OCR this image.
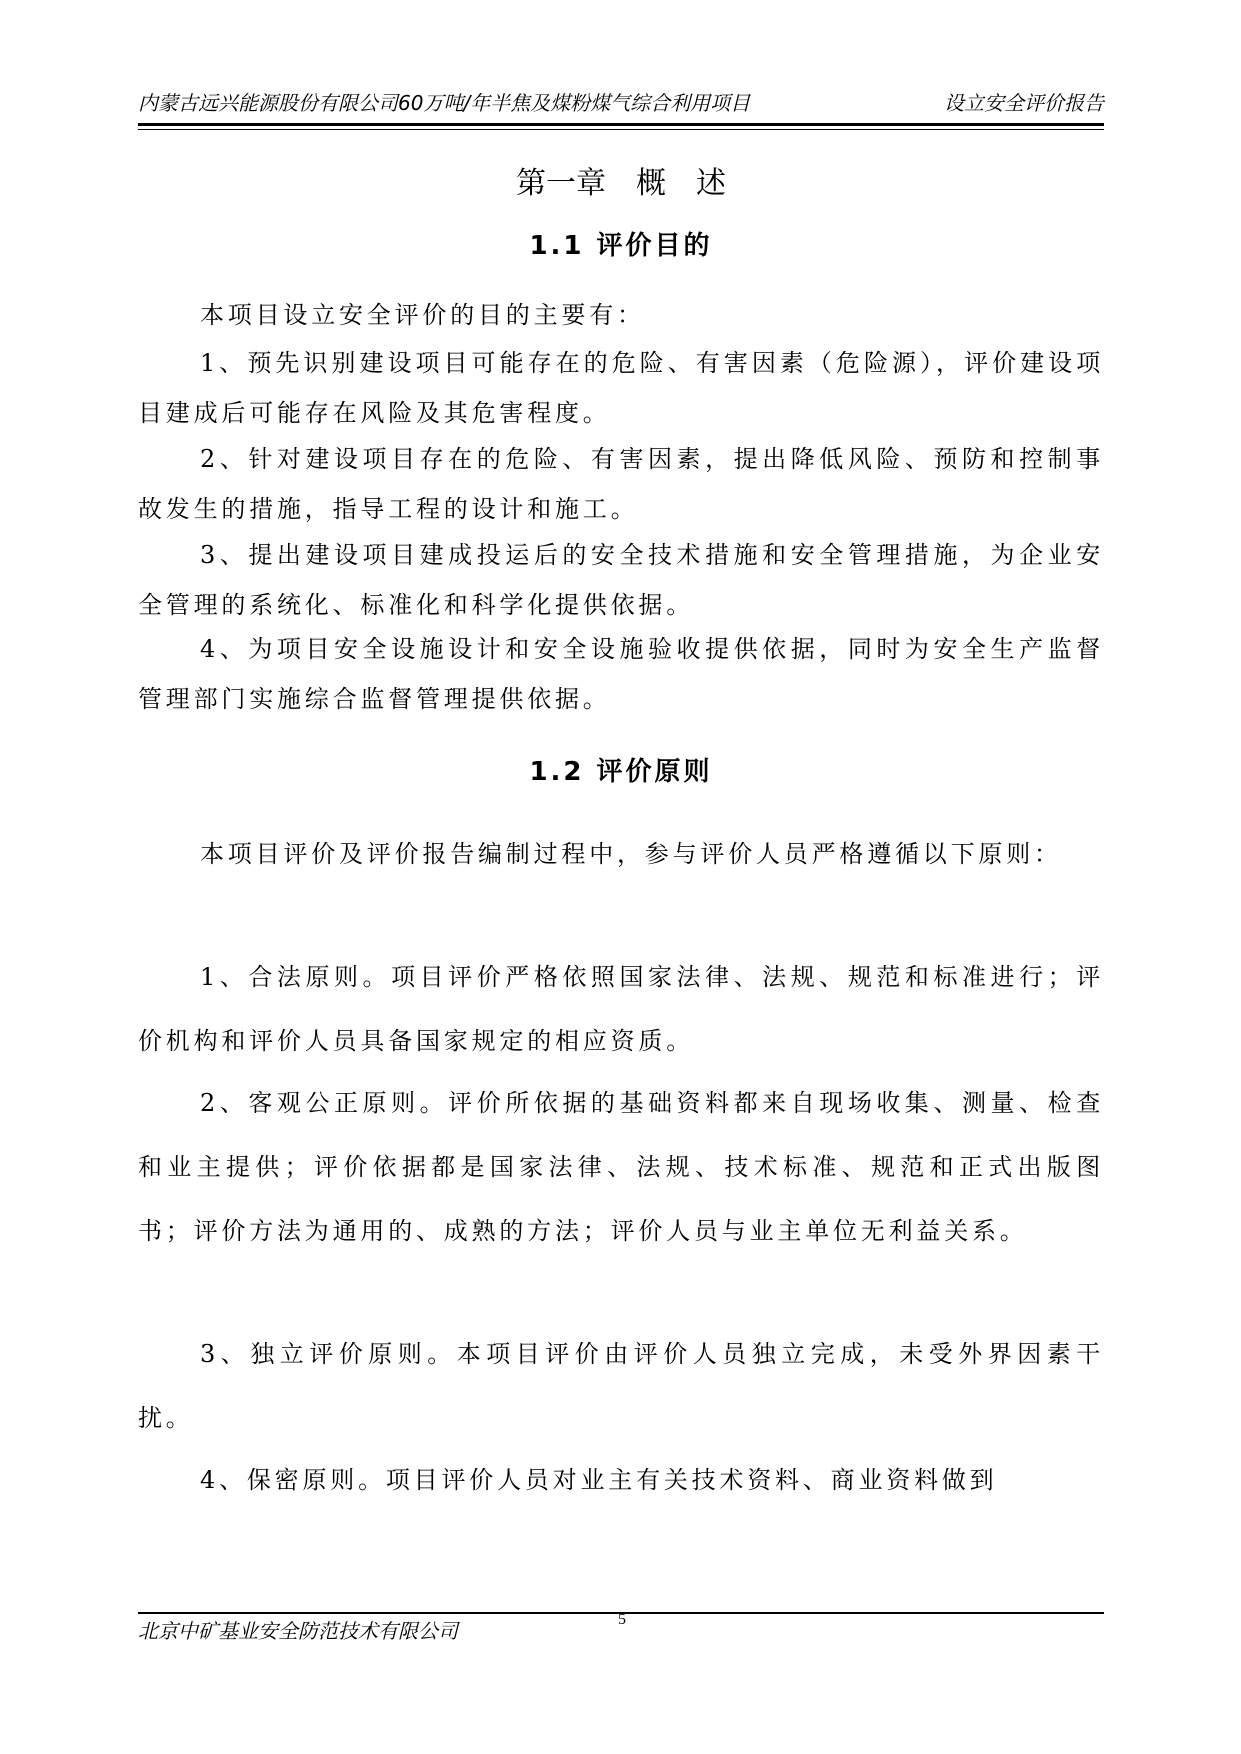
内蒙古远兴能源股份有限公司60万吨/年半焦及煤粉煤气综合利用项目	设立安全评价报告
第一章　概　述
1.1 评价目的

本项目设立安全评价的目的主要有：

1、预先识别建设项目可能存在的危险、有害因素（危险源），评价建设项目建成后可能存在风险及其危害程度。

2、针对建设项目存在的危险、有害因素，提出降低风险、预防和控制事故发生的措施，指导工程的设计和施工。

3、提出建设项目建成投运后的安全技术措施和安全管理措施，为企业安全管理的系统化、标准化和科学化提供依据。

4、为项目安全设施设计和安全设施验收提供依据，同时为安全生产监督管理部门实施综合监督管理提供依据。

1.2 评价原则

本项目评价及评价报告编制过程中，参与评价人员严格遵循以下原则：

1、合法原则。项目评价严格依照国家法律、法规、规范和标准进行；评价机构和评价人员具备国家规定的相应资质。

2、客观公正原则。评价所依据的基础资料都来自现场收集、测量、检查和业主提供；评价依据都是国家法律、法规、技术标准、规范和正式出版图书；评价方法为通用的、成熟的方法；评价人员与业主单位无利益关系。

3、独立评价原则。本项目评价由评价人员独立完成，未受外界因素干扰。

4、保密原则。项目评价人员对业主有关技术资料、商业资料做到

北京中矿基业安全防范技术有限公司	5
